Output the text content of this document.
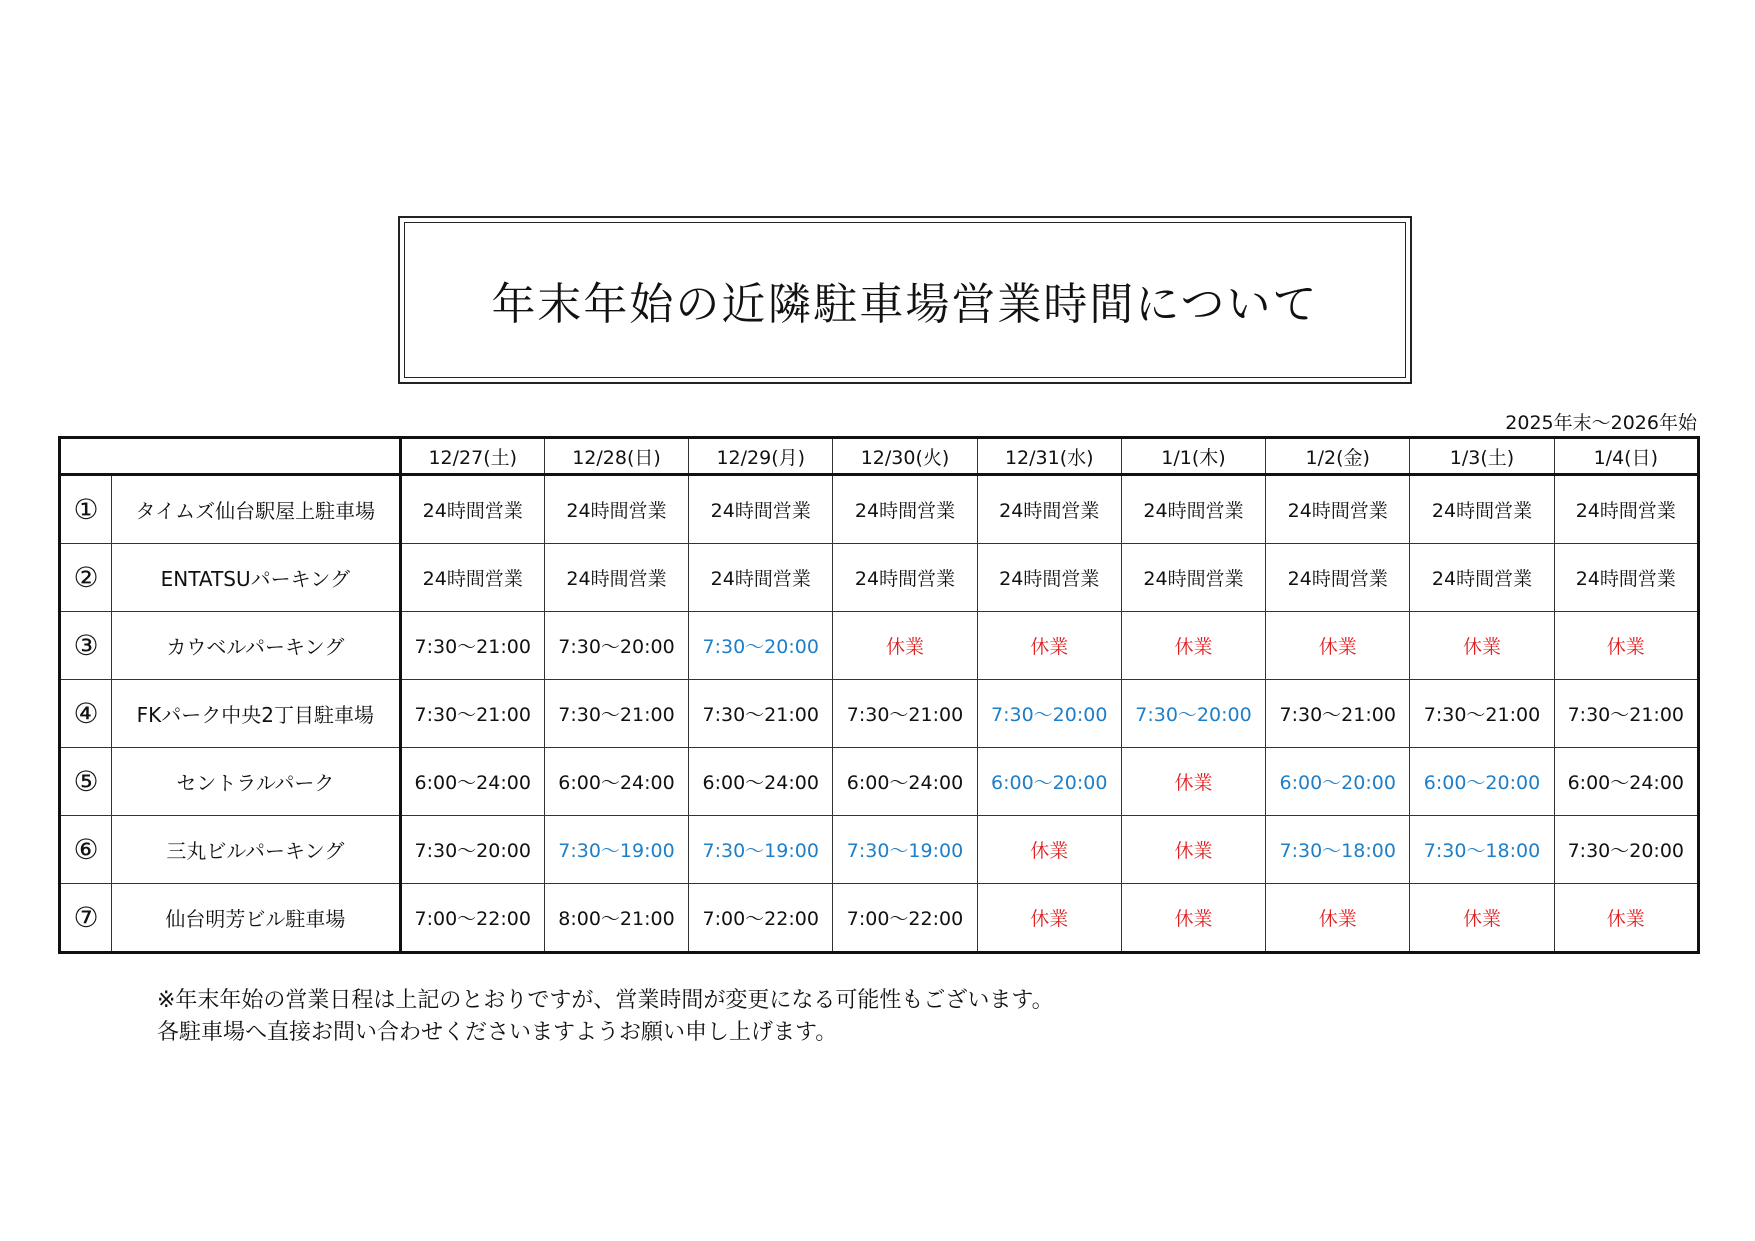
年末年始の近隣駐車場営業時間について
2025年末～2026年始
		12/27(土)	12/28(日)	12/29(月)	12/30(火)	12/31(水)	1/1(木)	1/2(金)	1/3(土)	1/4(日)
①	タイムズ仙台駅屋上駐車場	24時間営業	24時間営業	24時間営業	24時間営業	24時間営業	24時間営業	24時間営業	24時間営業	24時間営業
②	ENTATSUパーキング	24時間営業	24時間営業	24時間営業	24時間営業	24時間営業	24時間営業	24時間営業	24時間営業	24時間営業
③	カウベルパーキング	7:30～21:00	7:30～20:00	7:30～20:00	休業	休業	休業	休業	休業	休業
④	FKパーク中央2丁目駐車場	7:30～21:00	7:30～21:00	7:30～21:00	7:30～21:00	7:30～20:00	7:30～20:00	7:30～21:00	7:30～21:00	7:30～21:00
⑤	セントラルパーク	6:00～24:00	6:00～24:00	6:00～24:00	6:00～24:00	6:00～20:00	休業	6:00～20:00	6:00～20:00	6:00～24:00
⑥	三丸ビルパーキング	7:30～20:00	7:30～19:00	7:30～19:00	7:30～19:00	休業	休業	7:30～18:00	7:30～18:00	7:30～20:00
⑦	仙台明芳ビル駐車場	7:00～22:00	8:00～21:00	7:00～22:00	7:00～22:00	休業	休業	休業	休業	休業
※年末年始の営業日程は上記のとおりですが、営業時間が変更になる可能性もございます。
各駐車場へ直接お問い合わせくださいますようお願い申し上げます。
